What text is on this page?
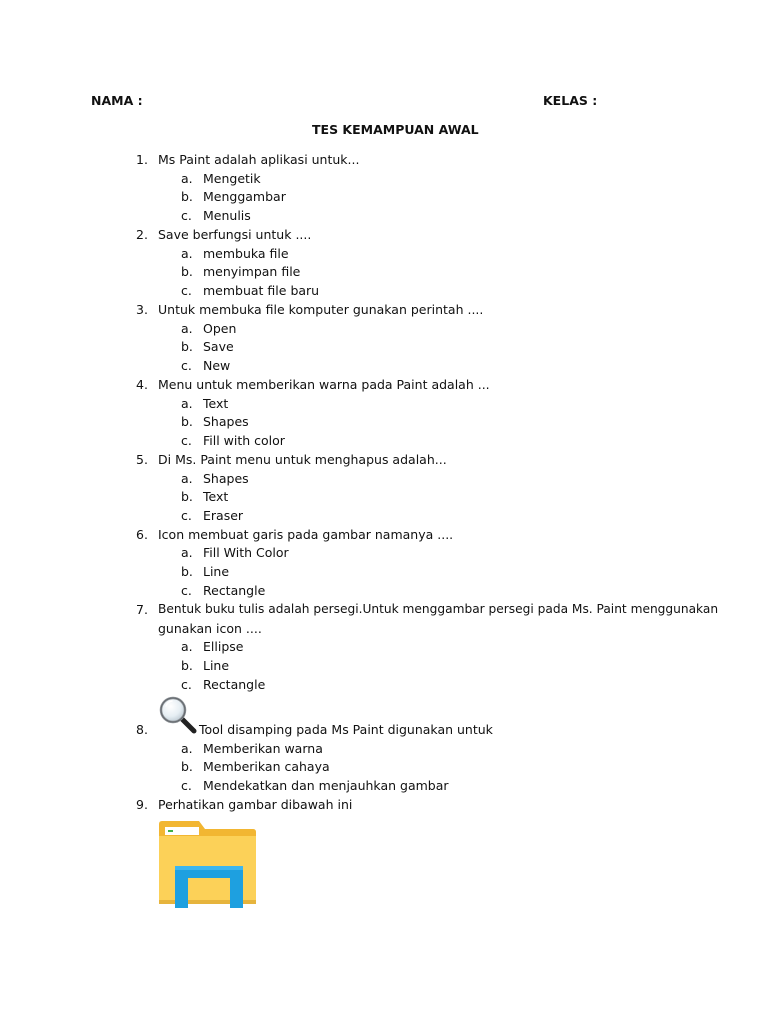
NAMA :	KELAS :
TES KEMAMPUAN AWAL
1. Ms Paint adalah aplikasi untuk...
a. Mengetik
b. Menggambar
c. Menulis
2. Save berfungsi untuk ....
a. membuka file
b. menyimpan file
c. membuat file baru
3. Untuk membuka file komputer gunakan perintah ....
a. Open
b. Save
c. New
4. Menu untuk memberikan warna pada Paint adalah ...
a. Text
b. Shapes
c. Fill with color
5. Di Ms. Paint menu untuk menghapus adalah...
a. Shapes
b. Text
c. Eraser
6. Icon membuat garis pada gambar namanya ....
a. Fill With Color
b. Line
c. Rectangle
7. Bentuk buku tulis adalah persegi.Untuk menggambar persegi pada Ms. Paint menggunakan
gunakan icon ....
a. Ellipse
b. Line
c. Rectangle
8.	Tool disamping pada Ms Paint digunakan untuk
a. Memberikan warna
b. Memberikan cahaya
c. Mendekatkan dan menjauhkan gambar
9. Perhatikan gambar dibawah ini
